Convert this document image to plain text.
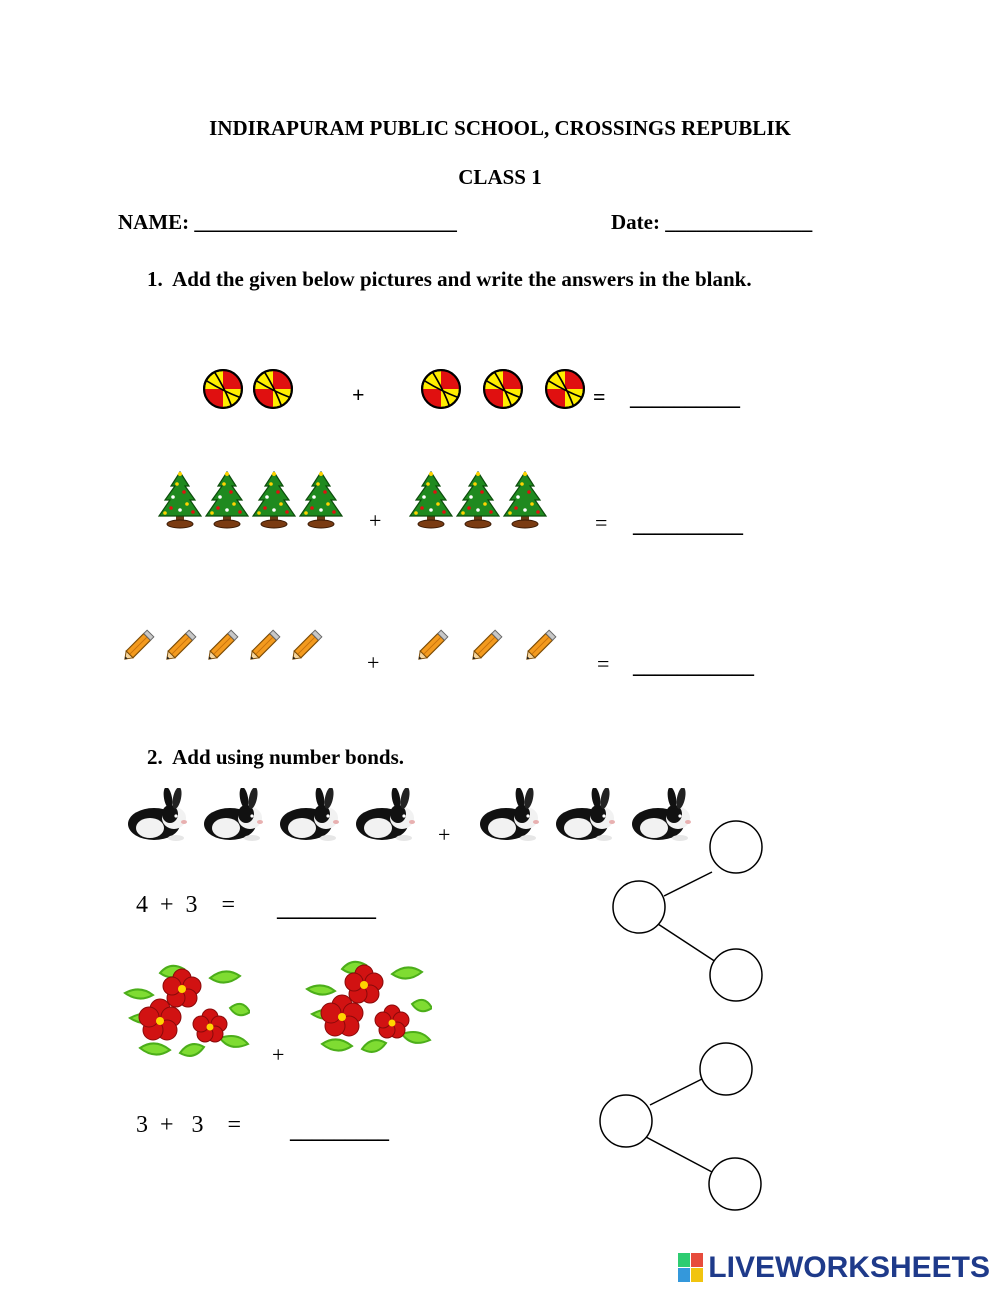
INDIRAPURAM PUBLIC SCHOOL, CROSSINGS REPUBLIK
CLASS 1
NAME: _________________________	Date: ______________
1. Add the given below pictures and write the answers in the blank.
+	= __________
+	= __________
+	= ___________
2. Add using number bonds.
+
4 + 3 = _________
+
3 + 3 = _________
LIVEWORKSHEETS
